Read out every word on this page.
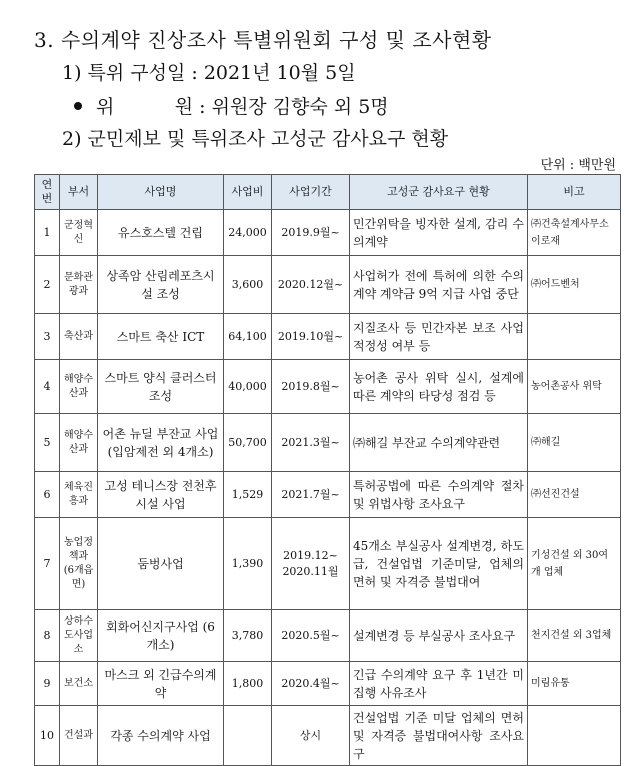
3. 수의계약 진상조사 특별위원회 구성 및 조사현황
1) 특위 구성일 : 2021년 10월 5일
위          원 : 위원장 김향숙 외 5명
2) 군민제보 및 특위조사 고성군 감사요구 현황
단위 : 백만원
연번	부서	사업명	사업비	사업기간	고성군 감사요구 현황	비고
1	군정혁신	유스호스텔 건립	24,000	2019.9월~	민간위탁을 빙자한 설계, 감리 수의계약	㈜건축설계사무소 이로재
2	문화관광과	상족암 산림레포츠시설 조성	3,600	2020.12월~	사업허가 전에 특허에 의한 수의계약 계약금 9억 지급 사업 중단	㈜어드벤처
3	축산과	스마트 축산 ICT	64,100	2019.10월~	지질조사 등 민간자본 보조 사업 적정성 여부 등	
4	해양수산과	스마트 양식 클러스터 조성	40,000	2019.8월~	농어촌 공사 위탁 실시, 설계에 따른 계약의 타당성 점검 등	농어촌공사 위탁
5	해양수산과	어촌 뉴딜 부잔교 사업 (입암제전 외 4개소)	50,700	2021.3월~	㈜해길 부잔교 수의계약관련	㈜해길
6	체육진흥과	고성 테니스장 전천후 시설 사업	1,529	2021.7월~	특허공법에 따른 수의계약 절차 및 위법사항 조사요구	㈜선진건설
7	농업정책과 (6개읍면)	둠벙사업	1,390	2019.12~ 2020.11월	45개소 부실공사 설계변경, 하도급, 건설업법 기준미달, 업체의 면허 및 자격증 불법대여	기성건설 외 30여개 업체
8	상하수도사업소	회화어신지구사업 (6개소)	3,780	2020.5월~	설계변경 등 부실공사 조사요구	천지건설 외 3업체
9	보건소	마스크 외 긴급수의계약	1,800	2020.4월~	긴급 수의계약 요구 후 1년간 미집행 사유조사	미림유통
10	건설과	각종 수의계약 사업		상시	건설업법 기준 미달 업체의 면허 및 자격증 불법대여사항 조사요구	
